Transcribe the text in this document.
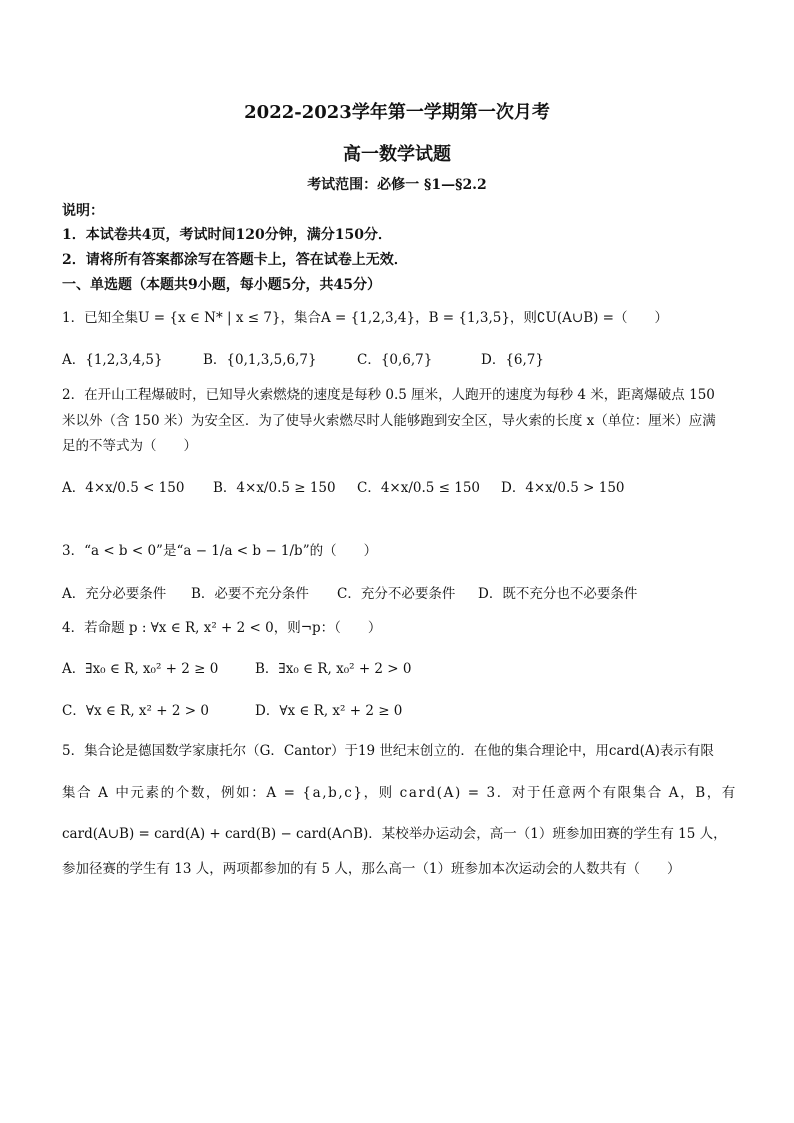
2022-2023学年第一学期第一次月考
高一数学试题
考试范围：必修一 §1—§2.2
说明：
1．本试卷共4页，考试时间120分钟，满分150分．
2．请将所有答案都涂写在答题卡上，答在试卷上无效．
一、单选题（本题共9小题，每小题5分，共45分）
1．已知全集U = {x ∈ N* | x ≤ 7}，集合A = {1,2,3,4}，B = {1,3,5}，则∁U(A∪B) =（　　）
A．{1,2,3,4,5}	B．{0,1,3,5,6,7}	C．{0,6,7}	D．{6,7}
2．在开山工程爆破时，已知导火索燃烧的速度是每秒 0.5 厘米，人跑开的速度为每秒 4 米，距离爆破点 150
米以外（含 150 米）为安全区．为了使导火索燃尽时人能够跑到安全区，导火索的长度 x（单位：厘米）应满
足的不等式为（　　）
A．4×x/0.5 < 150 B．4×x/0.5 ≥ 150 C．4×x/0.5 ≤ 150 D．4×x/0.5 > 150
3．“a < b < 0”是“a − 1/a < b − 1/b”的（　　）
A．充分必要条件 B．必要不充分条件 C．充分不必要条件 D．既不充分也不必要条件
4．若命题 p : ∀x ∈ R, x² + 2 < 0，则¬p：（　　）
A．∃x₀ ∈ R, x₀² + 2 ≥ 0	B．∃x₀ ∈ R, x₀² + 2 > 0
C．∀x ∈ R, x² + 2 > 0	D．∀x ∈ R, x² + 2 ≥ 0
5．集合论是德国数学家康托尔（G．Cantor）于19 世纪末创立的．在他的集合理论中，用card(A)表示有限
集合 A 中元素的个数，例如：A = {a,b,c}，则 card(A) = 3．对于任意两个有限集合 A，B，有
card(A∪B) = card(A) + card(B) − card(A∩B)．某校举办运动会，高一（1）班参加田赛的学生有 15 人，
参加径赛的学生有 13 人，两项都参加的有 5 人，那么高一（1）班参加本次运动会的人数共有（　　）
